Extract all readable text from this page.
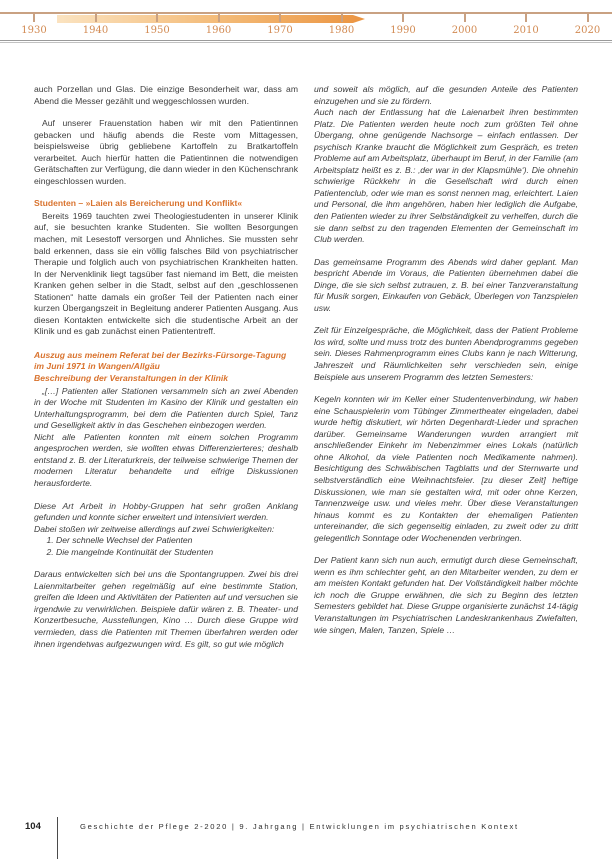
1930	1940	1950	1960	1970	1980	1990	2000	2010	2020

auch Porzellan und Glas. Die einzige Besonderheit war, dass am Abend die Messer gezählt und weggeschlossen wurden.

Auf unserer Frauenstation haben wir mit den Patientinnen gebacken und häufig abends die Reste vom Mittagessen, beispielsweise übrig gebliebene Kartoffeln zu Bratkartoffeln verarbeitet. Auch hierfür hatten die Patientinnen die notwendigen Gerätschaften zur Verfügung, die dann wieder in den Küchenschrank eingeschlossen wurden.

Studenten – »Laien als Bereicherung und Konflikt«

Bereits 1969 tauchten zwei Theologiestudenten in unserer Klinik auf, sie besuchten kranke Studenten. Sie wollten Besorgungen machen, mit Lesestoff versorgen und Ähnliches. Sie mussten sehr bald erkennen, dass sie ein völlig falsches Bild von psychiatrischer Therapie und folglich auch von psychiatrischen Krankheiten hatten. In der Nervenklinik liegt tagsüber fast niemand im Bett, die meisten Kranken gehen selber in die Stadt, selbst auf den „geschlossenen Stationen“ hatte damals ein großer Teil der Patienten nach einer kurzen Übergangszeit in Begleitung anderer Patienten Ausgang. Aus diesen Kontakten entwickelte sich die studentische Arbeit an der Klinik und es gab zunächst einen Patiententreff.

Auszug aus meinem Referat bei der Bezirks-Fürsorge-Tagung im Juni 1971 in Wangen/Allgäu
Beschreibung der Veranstaltungen in der Klinik

„[…] Patienten aller Stationen versammeln sich an zwei Abenden in der Woche mit Studenten im Kasino der Klinik und gestalten ein Unterhaltungsprogramm, bei dem die Patienten durch Spiel, Tanz und Geselligkeit aktiv in das Geschehen einbezogen werden.

Nicht alle Patienten konnten mit einem solchen Programm angesprochen werden, sie wollten etwas Differenzierteres; deshalb entstand z. B. der Literaturkreis, der teilweise schwierige Themen der modernen Literatur behandelte und eifrige Diskussionen herausforderte.

Diese Art Arbeit in Hobby-Gruppen hat sehr großen Anklang gefunden und konnte sicher erweitert und intensiviert werden.

Dabei stoßen wir zeitweise allerdings auf zwei Schwierigkeiten:

1. Der schnelle Wechsel der Patienten
2. Die mangelnde Kontinuität der Studenten

Daraus entwickelten sich bei uns die Spontangruppen. Zwei bis drei Laienmitarbeiter gehen regelmäßig auf eine bestimmte Station, greifen die Ideen und Aktivitäten der Patienten auf und versuchen sie irgendwie zu verwirklichen. Beispiele dafür wären z. B. Theater- und Konzertbesuche, Ausstellungen, Kino … Durch diese Gruppe wird vermieden, dass die Patienten mit Themen überfahren werden oder ihnen irgendetwas aufgezwungen wird. Es gilt, so gut wie möglich

und soweit als möglich, auf die gesunden Anteile des Patienten einzugehen und sie zu fördern.

Auch nach der Entlassung hat die Laienarbeit ihren bestimmten Platz. Die Patienten werden heute noch zum größten Teil ohne Übergang, ohne genügende Nachsorge – einfach entlassen. Der psychisch Kranke braucht die Möglichkeit zum Gespräch, es treten Probleme auf am Arbeitsplatz, überhaupt im Beruf, in der Familie (am Arbeitsplatz heißt es z. B.: ‚der war in der Klapsmühle‘). Die ohnehin schwierige Rückkehr in die Gesellschaft wird durch einen Patientenclub, oder wie man es sonst nennen mag, erleichtert. Laien und Personal, die ihm angehören, haben hier lediglich die Aufgabe, den Patienten wieder zu ihrer Selbständigkeit zu verhelfen, durch die sie dann selbst zu den tragenden Elementen der Gemeinschaft im Club werden.

Das gemeinsame Programm des Abends wird daher geplant. Man bespricht Abende im Voraus, die Patienten übernehmen dabei die Dinge, die sie sich selbst zutrauen, z. B. bei einer Tanzveranstaltung für Musik sorgen, Einkaufen von Gebäck, Überlegen von Tanzspielen usw.

Zeit für Einzelgespräche, die Möglichkeit, dass der Patient Probleme los wird, sollte und muss trotz des bunten Abendprogramms gegeben sein. Dieses Rahmenprogramm eines Clubs kann je nach Witterung, Jahreszeit und Räumlichkeiten sehr verschieden sein, einige Beispiele aus unserem Programm des letzten Semesters:

Kegeln konnten wir im Keller einer Studentenverbindung, wir haben eine Schauspielerin vom Tübinger Zimmertheater eingeladen, dabei wurde heftig diskutiert, wir hörten Degenhardt-Lieder und sprachen darüber. Gemeinsame Wanderungen wurden arrangiert mit anschließender Einkehr im Nebenzimmer eines Lokals (natürlich ohne Alkohol, da viele Patienten noch Medikamente nahmen). Besichtigung des Schwäbischen Tagblatts und der Sternwarte und selbstverständlich eine Weihnachtsfeier. [zu dieser Zeit] heftige Diskussionen, wie man sie gestalten wird, mit oder ohne Kerzen, Tannenzweige usw. und vieles mehr. Über diese Veranstaltungen hinaus kommt es zu Kontakten der ehemaligen Patienten untereinander, die sich gegenseitig einladen, zu zweit oder zu dritt gelegentlich Sonntage oder Wochenenden verbringen.

Der Patient kann sich nun auch, ermutigt durch diese Gemeinschaft, wenn es ihm schlechter geht, an den Mitarbeiter wenden, zu dem er am meisten Kontakt gefunden hat. Der Vollständigkeit halber möchte ich noch die Gruppe erwähnen, die sich zu Beginn des letzten Semesters gebildet hat. Diese Gruppe organisierte zunächst 14-tägig Veranstaltungen im Psychiatrischen Landeskrankenhaus Zwiefalten, wie singen, Malen, Tanzen, Spiele …

104	Geschichte der Pflege 2-2020 | 9. Jahrgang | Entwicklungen im psychiatrischen Kontext
